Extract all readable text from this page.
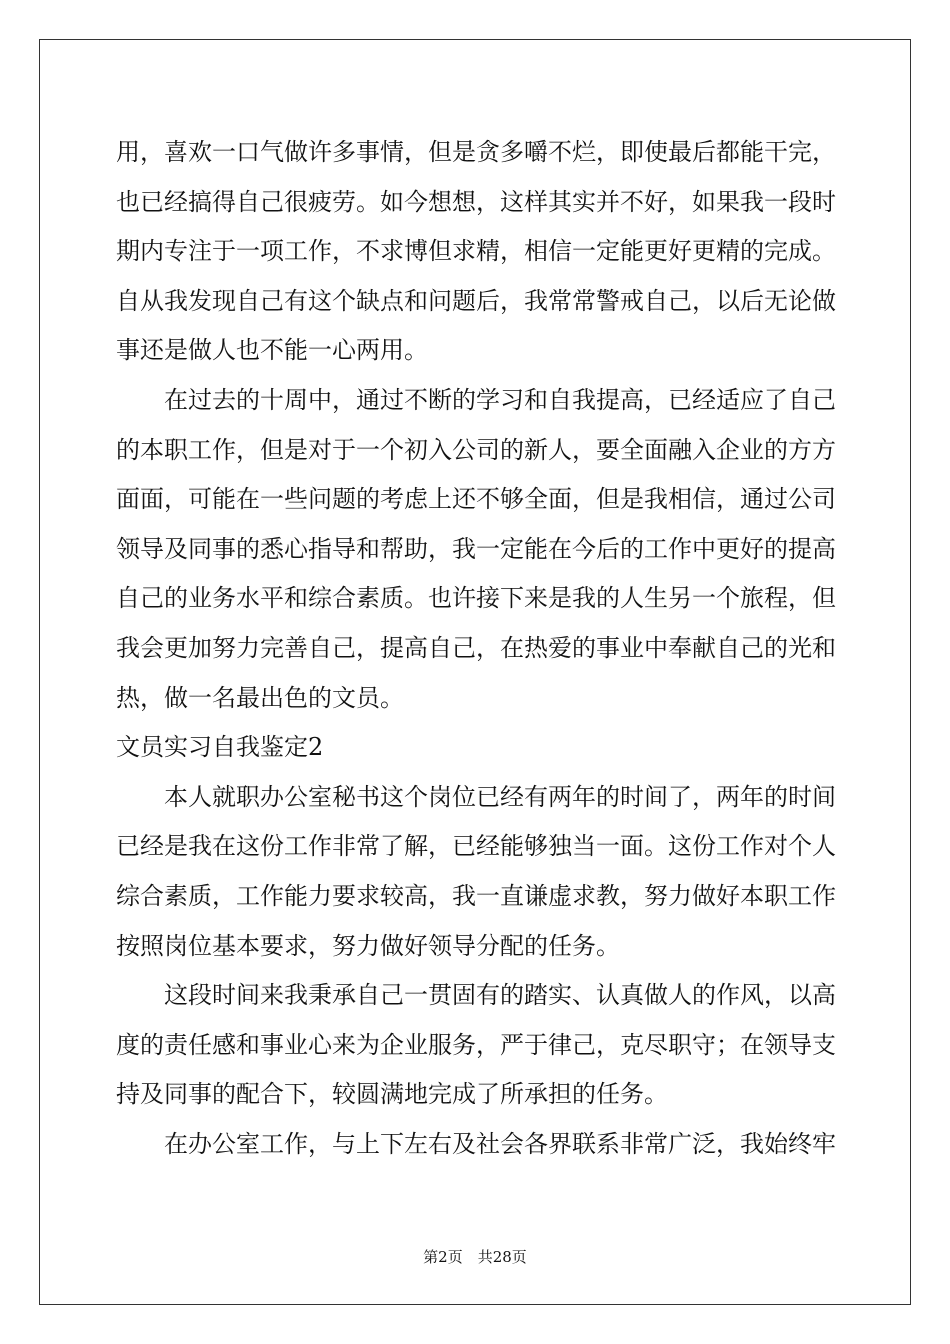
用，喜欢一口气做许多事情，但是贪多嚼不烂，即使最后都能干完，
也已经搞得自己很疲劳。如今想想，这样其实并不好，如果我一段时
期内专注于一项工作，不求博但求精，相信一定能更好更精的完成。
自从我发现自己有这个缺点和问题后，我常常警戒自己，以后无论做
事还是做人也不能一心两用。
　　在过去的十周中，通过不断的学习和自我提高，已经适应了自己
的本职工作，但是对于一个初入公司的新人，要全面融入企业的方方
面面，可能在一些问题的考虑上还不够全面，但是我相信，通过公司
领导及同事的悉心指导和帮助，我一定能在今后的工作中更好的提高
自己的业务水平和综合素质。也许接下来是我的人生另一个旅程，但
我会更加努力完善自己，提高自己，在热爱的事业中奉献自己的光和
热，做一名最出色的文员。
文员实习自我鉴定2
　　本人就职办公室秘书这个岗位已经有两年的时间了，两年的时间
已经是我在这份工作非常了解，已经能够独当一面。这份工作对个人
综合素质，工作能力要求较高，我一直谦虚求教，努力做好本职工作
按照岗位基本要求，努力做好领导分配的任务。
　　这段时间来我秉承自己一贯固有的踏实、认真做人的作风，以高
度的责任感和事业心来为企业服务，严于律己，克尽职守；在领导支
持及同事的配合下，较圆满地完成了所承担的任务。
　　在办公室工作，与上下左右及社会各界联系非常广泛，我始终牢
第2页　共28页
